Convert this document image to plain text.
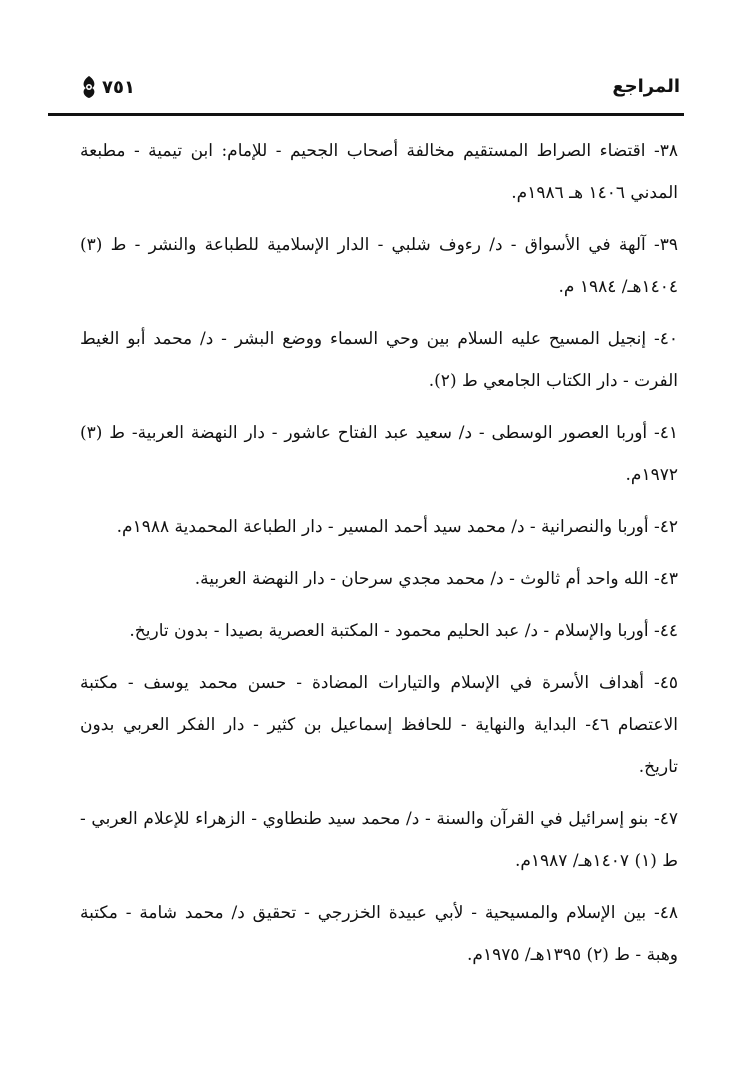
المراجع
٧٥١
٣٨- اقتضاء الصراط المستقيم مخالفة أصحاب الجحيم - للإمام: ابن تيمية - مطبعة المدني ١٤٠٦ هـ ١٩٨٦م.
٣٩- آلهة في الأسواق - د/ رءوف شلبي - الدار الإسلامية للطباعة والنشر - ط (٣) ١٤٠٤هـ/ ١٩٨٤ م.
٤٠- إنجيل المسيح عليه السلام بين وحي السماء ووضع البشر - د/ محمد أبو الغيط الفرت - دار الكتاب الجامعي ط (٢).
٤١- أوربا العصور الوسطى - د/ سعيد عبد الفتاح عاشور - دار النهضة العربية- ط (٣) ١٩٧٢م.
٤٢- أوربا والنصرانية - د/ محمد سيد أحمد المسير - دار الطباعة المحمدية ١٩٨٨م.
٤٣- الله واحد أم ثالوث - د/ محمد مجدي سرحان - دار النهضة العربية.
٤٤- أوربا والإسلام - د/ عبد الحليم محمود - المكتبة العصرية بصيدا - بدون تاريخ.
٤٥- أهداف الأسرة في الإسلام والتيارات المضادة - حسن محمد يوسف - مكتبة الاعتصام ٤٦- البداية والنهاية - للحافظ إسماعيل بن كثير - دار الفكر العربي بدون تاريخ.
٤٧- بنو إسرائيل في القرآن والسنة - د/ محمد سيد طنطاوي - الزهراء للإعلام العربي - ط (١) ١٤٠٧هـ/ ١٩٨٧م.
٤٨- بين الإسلام والمسيحية - لأبي عبيدة الخزرجي - تحقيق د/ محمد شامة - مكتبة وهبة - ط (٢) ١٣٩٥هـ/ ١٩٧٥م.
